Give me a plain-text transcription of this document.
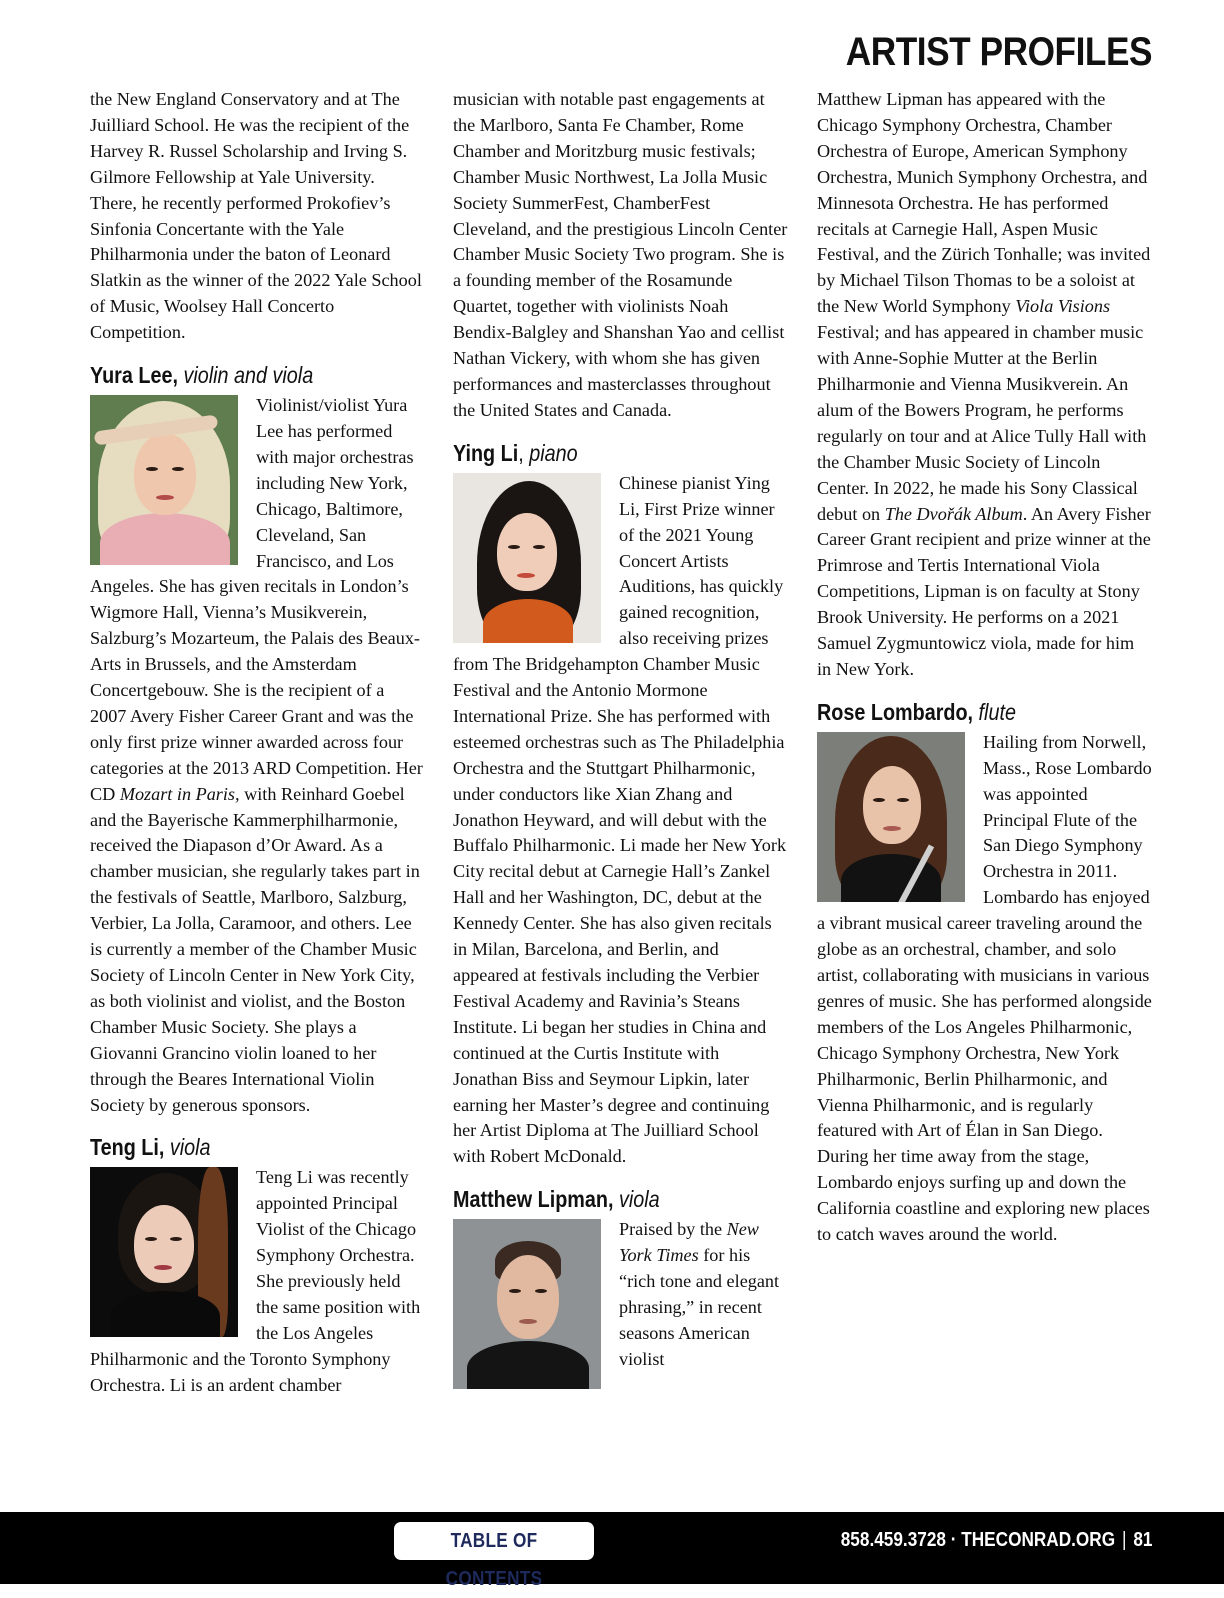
ARTIST PROFILES

the New England Conservatory and at The Juilliard School. He was the recipient of the Harvey R. Russel Scholarship and Irving S. Gilmore Fellowship at Yale University. There, he recently performed Prokofiev’s Sinfonia Concertante with the Yale Philharmonia under the baton of Leonard Slatkin as the winner of the 2022 Yale School of Music, Woolsey Hall Concerto Competition.

Yura Lee, violin and viola

Violinist/violist Yura Lee has performed with major orchestras including New York, Chicago, Baltimore, Cleveland, San Francisco, and Los Angeles. She has given recitals in London’s Wigmore Hall, Vienna’s Musikverein, Salzburg’s Mozarteum, the Palais des Beaux-Arts in Brussels, and the Amsterdam Concertgebouw. She is the recipient of a 2007 Avery Fisher Career Grant and was the only first prize winner awarded across four categories at the 2013 ARD Competition. Her CD Mozart in Paris, with Reinhard Goebel and the Bayerische Kammerphilharmonie, received the Diapason d’Or Award. As a chamber musician, she regularly takes part in the festivals of Seattle, Marlboro, Salzburg, Verbier, La Jolla, Caramoor, and others. Lee is currently a member of the Chamber Music Society of Lincoln Center in New York City, as both violinist and violist, and the Boston Chamber Music Society. She plays a Giovanni Grancino violin loaned to her through the Beares International Violin Society by generous sponsors.

Teng Li, viola

Teng Li was recently appointed Principal Violist of the Chicago Symphony Orchestra. She previously held the same position with the Los Angeles Philharmonic and the Toronto Symphony Orchestra. Li is an ardent chamber

musician with notable past engagements at the Marlboro, Santa Fe Chamber, Rome Chamber and Moritzburg music festivals; Chamber Music Northwest, La Jolla Music Society SummerFest, ChamberFest Cleveland, and the prestigious Lincoln Center Chamber Music Society Two program. She is a founding member of the Rosamunde Quartet, together with violinists Noah Bendix-Balgley and Shanshan Yao and cellist Nathan Vickery, with whom she has given performances and masterclasses throughout the United States and Canada.

Ying Li, piano

Chinese pianist Ying Li, First Prize winner of the 2021 Young Concert Artists Auditions, has quickly gained recognition, also receiving prizes from The Bridgehampton Chamber Music Festival and the Antonio Mormone International Prize. She has performed with esteemed orchestras such as The Philadelphia Orchestra and the Stuttgart Philharmonic, under conductors like Xian Zhang and Jonathon Heyward, and will debut with the Buffalo Philharmonic. Li made her New York City recital debut at Carnegie Hall’s Zankel Hall and her Washington, DC, debut at the Kennedy Center. She has also given recitals in Milan, Barcelona, and Berlin, and appeared at festivals including the Verbier Festival Academy and Ravinia’s Steans Institute. Li began her studies in China and continued at the Curtis Institute with Jonathan Biss and Seymour Lipkin, later earning her Master’s degree and continuing her Artist Diploma at The Juilliard School with Robert McDonald.

Matthew Lipman, viola

Praised by the New York Times for his “rich tone and elegant phrasing,” in recent seasons American violist

Matthew Lipman has appeared with the Chicago Symphony Orchestra, Chamber Orchestra of Europe, American Symphony Orchestra, Munich Symphony Orchestra, and Minnesota Orchestra. He has performed recitals at Carnegie Hall, Aspen Music Festival, and the Zürich Tonhalle; was invited by Michael Tilson Thomas to be a soloist at the New World Symphony Viola Visions Festival; and has appeared in chamber music with Anne-Sophie Mutter at the Berlin Philharmonie and Vienna Musikverein. An alum of the Bowers Program, he performs regularly on tour and at Alice Tully Hall with the Chamber Music Society of Lincoln Center. In 2022, he made his Sony Classical debut on The Dvořák Album. An Avery Fisher Career Grant recipient and prize winner at the Primrose and Tertis International Viola Competitions, Lipman is on faculty at Stony Brook University. He performs on a 2021 Samuel Zygmuntowicz viola, made for him in New York.

Rose Lombardo, flute

Hailing from Norwell, Mass., Rose Lombardo was appointed Principal Flute of the San Diego Symphony Orchestra in 2011. Lombardo has enjoyed a vibrant musical career traveling around the globe as an orchestral, chamber, and solo artist, collaborating with musicians in various genres of music. She has performed alongside members of the Los Angeles Philharmonic, Chicago Symphony Orchestra, New York Philharmonic, Berlin Philharmonic, and Vienna Philharmonic, and is regularly featured with Art of Élan in San Diego. During her time away from the stage, Lombardo enjoys surfing up and down the California coastline and exploring new places to catch waves around the world.

TABLE OF CONTENTS
858.459.3728 · THECONRAD.ORG | 81
